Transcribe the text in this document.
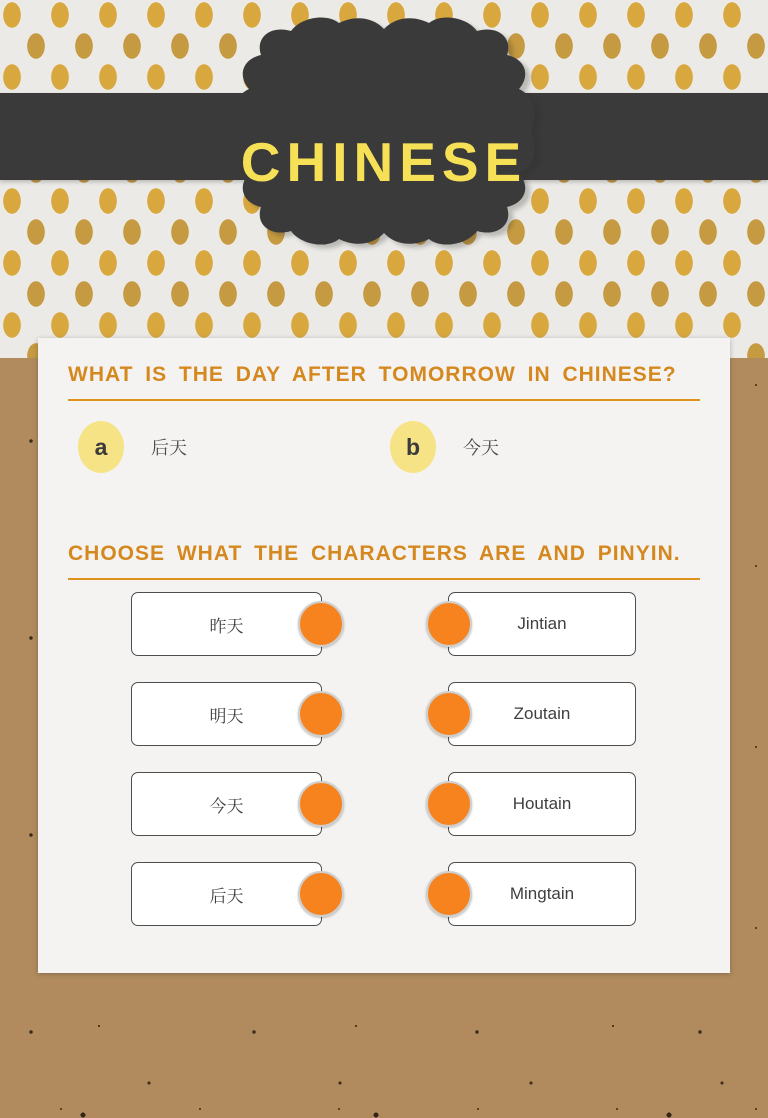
CHINESE
WHAT IS THE DAY AFTER TOMORROW IN CHINESE?
a	后天	b	今天
CHOOSE WHAT THE CHARACTERS ARE AND PINYIN.
昨天	Jintian
明天	Zoutain
今天	Houtain
后天	Mingtain
